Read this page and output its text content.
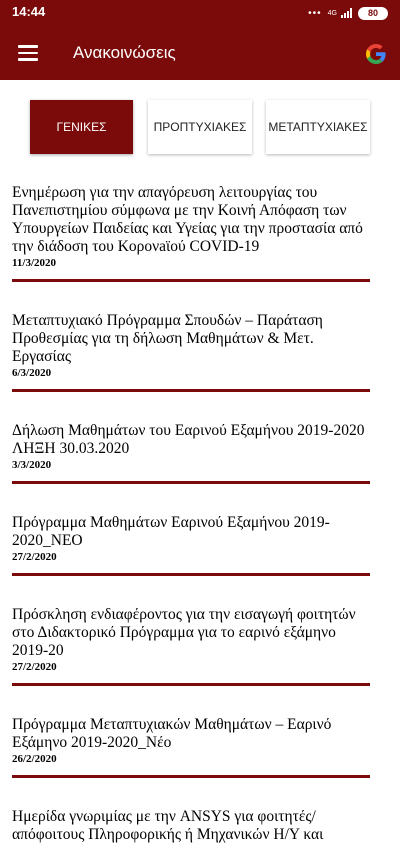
14:44	••• 4G	80
Ανακοινώσεις
ΓΕΝΙΚΕΣ	ΠΡΟΠΤΥΧΙΑΚΕΣ	ΜΕΤΑΠΤΥΧΙΑΚΕΣ
Ενημέρωση για την απαγόρευση λειτουργίας του Πανεπιστημίου σύμφωνα με την Κοινή Απόφαση των Υπουργείων Παιδείας και Υγείας για την προστασία από την διάδοση του Κορονaϊού COVID-19
11/3/2020
Μεταπτυχιακό Πρόγραμμα Σπουδών – Παράταση Προθεσμίας για τη δήλωση Μαθημάτων & Μετ. Εργασίας
6/3/2020
Δήλωση Μαθημάτων του Εαρινού Εξαμήνου 2019-2020 ΛΗΞΗ 30.03.2020
3/3/2020
Πρόγραμμα Μαθημάτων Εαρινού Εξαμήνου 2019-2020_ΝΕΟ
27/2/2020
Πρόσκληση ενδιαφέροντος για την εισαγωγή φοιτητών στο Διδακτορικό Πρόγραμμα για το εαρινό εξάμηνο 2019-20
27/2/2020
Πρόγραμμα Μεταπτυχιακών Μαθημάτων – Εαρινό Εξάμηνο 2019-2020_Νέο
26/2/2020
Ημερίδα γνωριμίας με την ANSYS για φοιτητές/απόφοιτους Πληροφορικής ή Μηχανικών Η/Υ και
